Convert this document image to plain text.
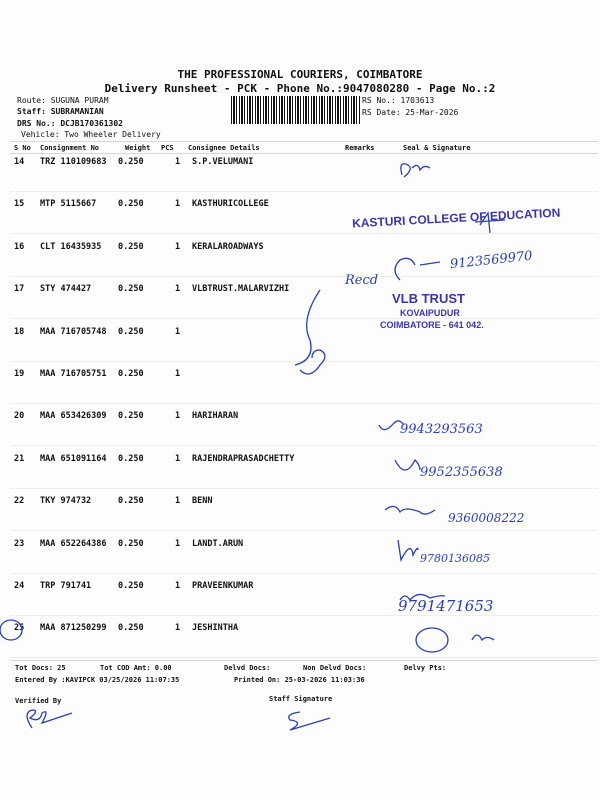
THE PROFESSIONAL COURIERS, COIMBATORE
Delivery Runsheet - PCK - Phone No.:9047080280 - Page No.:2
Route: SUGUNA PURAM
Staff: SUBRAMANIAN
DRS No.: DCJB170361302
Vehicle: Two Wheeler Delivery
RS No.: 1703613
RS Date: 25-Mar-2026
S No Consignment No	Weight PCS Consignee Details	Remarks	Seal & Signature
14 TRZ 110109683 0.250	1 S.P.VELUMANI
15 MTP 5115667	0.250	1 KASTHURICOLLEGE
16 CLT 16435935 0.250	1 KERALAROADWAYS
17 STY 474427	0.250	1 VLBTRUST.MALARVIZHI
18 MAA 716705748 0.250	1
19 MAA 716705751 0.250	1
20 MAA 653426309 0.250	1 HARIHARAN
21 MAA 651091164 0.250	1 RAJENDRAPRASADCHETTY
22 TKY 974732	0.250	1 BENN
23 MAA 652264386 0.250	1 LANDT.ARUN
24 TRP 791741	0.250	1 PRAVEENKUMAR
25 MAA 871250299 0.250	1 JESHINTHA
Tot Docs: 25	Tot COD Amt: 0.00	Delvd Docs:	Non Delvd Docs:	Delvy Pts:
Entered By :KAVIPCK 03/25/2026 11:07:35	Printed On: 25-03-2026 11:03:36
Verified By	Staff Signature
KASTURI COLLEGE OF EDUCATION
9123569970
Recd
VLB TRUST
KOVAIPUDUR
COIMBATORE - 641 042.
9943293563
9952355638
9360008222
9780136085
9791471653
